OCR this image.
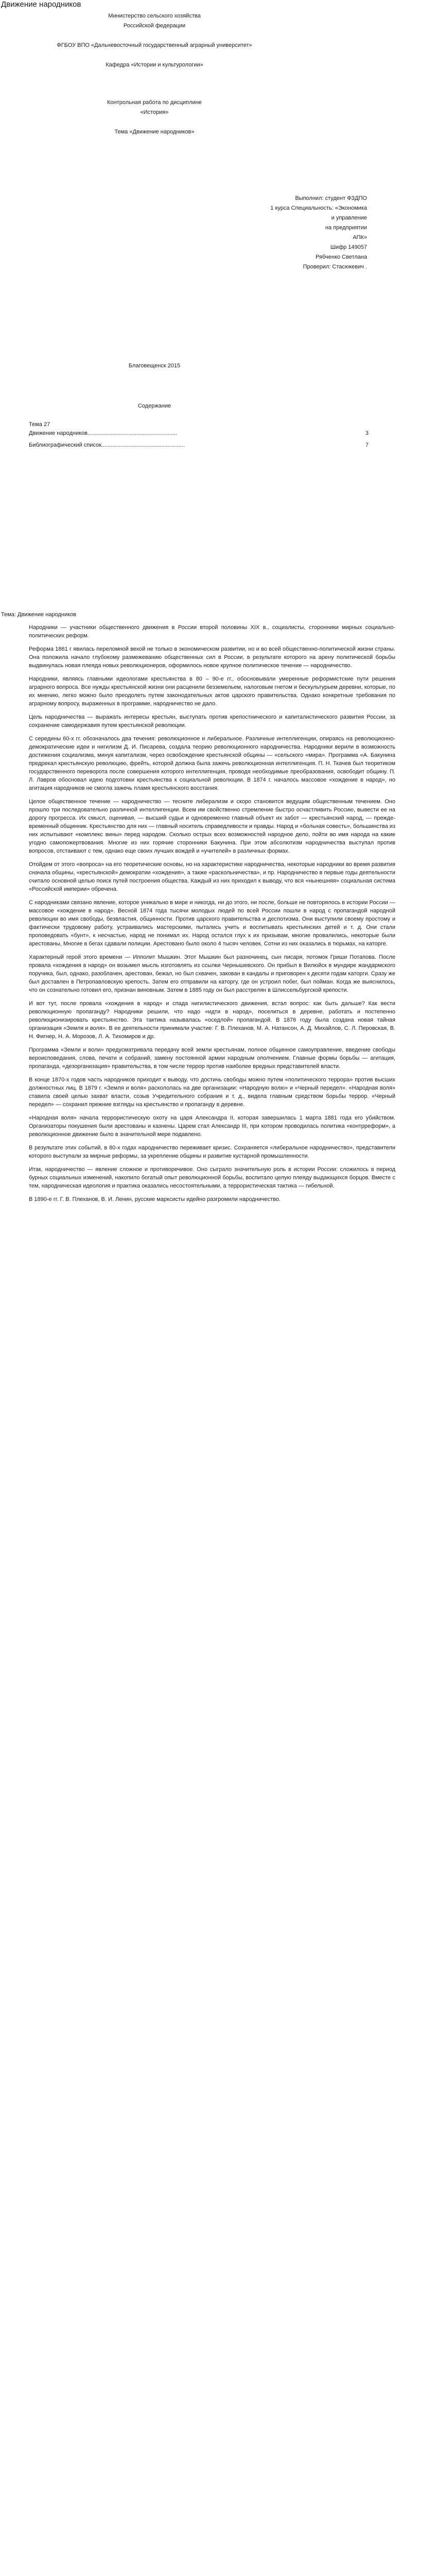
Движение народников
Министерство сельского хозяйства
Российской федерации
ФГБОУ ВПО «Дальневосточный государственный аграрный университет»
Кафедра «Истории и культурологии»
Контрольная работа по дисциплине
«История»
Тема «Движение народников»
Выполнил: студент ФЗДПО
1 курса Специальность: «Экономика
и управление
на предприятии
АПК»
Шифр 149057
Рябченко Светлана
Проверил: Стасюкевич .
Благовещенск 2015
Содержание
Тема 27
Движение народников.........................................................	3
Библиографический список.....................................................	7
Тема: Движение народников

Народники — участники общественного движения в России второй половины XIX в., социалисты, сторонники мирных социально-политических реформ.

Реформа 1861 г явилась переломной вехой не только в экономическом развитии, но и во всей общественно-политической жизни страны. Она положила начало глубокому размежеванию общественных сил в России, в результате которого на арену политической борьбы выдвинулась новая плеяда новых революционеров, оформилось новое крупное политическое течение — народничество.

Народники, являясь главными идеологами крестьянства в 80 – 90-е гг., обосновывали умеренные реформистские пути решения аграрного вопроса. Все нужды крестьянской жизни они расценили безземельем, налоговым гнетом и бескультурьем деревни, которые, по их мнению, легко можно было преодолеть путем законодательных актов царского правительства. Однако конкретные требования по аграрному вопросу, выраженных в программе, народничество не дало.

Цель народничества — выражать интересы крестьян, выступать против крепостнического и капиталистического развития России, за сохранение самодержавия путем крестьянской революции.

С середины 60-х гг. обозначалось два течения: революционное и либеральное. Различные интеллигенции, опираясь на революционно-демократические идеи и нигилизм Д. И. Писарева, создала теорию революционного народничества. Народники верили в возможность достижения социализма, минуя капитализм, через освобождение крестьянской общины — «сельского «мира». Программа «А. Бакунина предрекал крестьянскую революцию, фрейть, которой должна была зажечь революционная интеллигенция. П. Н. Ткачев был теоретиком государственного переворота после совершения которого интеллигенция, проводя необходимые преобразования, освободит общину. П. Л. Лавров обосновал идею подготовки крестьянства к социальной революции. В 1874 г. началось массовое «хождение в народ», но агитация народников не смогла зажечь пламя крестьянского восстания.

Целое общественное течение — народничество — тесните либерализм и скоро становится ведущим общественным течением. Оно прошло три последовательно различной интеллигенции. Всем им свойственно стремление быстро осчастливить Россию, вывести ее на дорогу прогресса. Их смысл, оценивая, — высший судьи и одновременно главный объект их забот — крестьянский народ, — прежде-временный общинник. Крестьянство для них — главный носитель справедливости и правды. Народ и «больная совесть», большинства из них испытывают «комплекс вины» перед народом. Сколько острых всех возможностей народное дело, пойти во имя народа на какие угодно самопожертвования. Многие из них горячие сторонники Бакунина. При этом абсолютизм народничества выступал против вопросов, отстаивают с тем, однако еще своих лучших вождей и «учителей» в различных формах.

Отойдем от этого «вопроса» на его теоретические основы, но на характеристике народничества, некоторые народники во время развития сначала общины, «крестьянской» демократии «хождения», а также «раскольничества», и пр. Народничество в первые годы деятельности считало основной целью поиск путей построения общества. Каждый из них приходил к выводу, что вся «нынешняя» социальная система «Российской империи» обречена.

С народниками связано явление, которое уникально в мире и никогда, ни до этого, ни после, больше не повторялось в истории России — массовое «хождение в народ». Весной 1874 года тысячи молодых людей по всей России пошли в народ с пропагандой народной революции во имя свободы, безвластия, общинности. Против царского правительства и деспотизма. Они выступили своему простому и фактически трудовому работу, устраивались мастерскими, пытались учить и воспитывать крестьянских детей и т. д. Они стали проповедовать «бунт», к несчастью, народ не понимал их. Народ остался глух к их призывам, многие провалились, некоторые были арестованы, Многие в бегах сдавали полиции. Арестовано было около 4 тысяч человек. Сотни из них оказались в тюрьмах, на каторге.

Характерный герой этого времени — Ипполит Мышкин. Этот Мышкин был разночинец, сын писаря, потомок Гриши Потапова. После провала «хождения в народ» он возымел мысль изготовлять из ссылки Чернышевского. Он прибыл в Вилюйск в мундире жандармского поручика, был, однако, разоблачен, арестован, бежал, но был схвачен, закован в кандалы и приговорен к десяти годам каторги. Сразу же был доставлен в Петропавловскую крепость. Затем его отправили на каторгу, где он устроил побег, был пойман. Когда же выяснилось, что он сознательно готовил его, признан виновным. Затем в 1885 году он был расстрелян в Шлиссельбургской крепости.

И вот тут, после провала «хождения в народ» и спада нигилистического движения, встал вопрос: как быть дальше? Как вести революционную пропаганду? Народники решили, что надо «идти в народ», поселиться в деревне, работать и постепенно революционизировать крестьянство. Эта тактика называлась «оседлой» пропагандой. В 1876 году была создана новая тайная организация «Земля и воля». В ее деятельности принимали участие: Г. В. Плеханов, М. А. Натансон, А. Д. Михайлов, С. Л. Перовская, В. Н. Фигнер, Н. А. Морозов, Л. А. Тихомиров и др.

Программа «Земли и воли» предусматривала передачу всей земли крестьянам, полное общинное самоуправление, введение свободы вероисповедания, слова, печати и собраний, замену постоянной армии народным ополчением. Главные формы борьбы — агитация, пропаганда, «дезорганизация» правительства, в том числе террор против наиболее вредных представителей власти.

В конце 1870-х годов часть народников приходит к выводу, что достичь свободы можно путем «политического террора» против высших должностных лиц. В 1879 г. «Земля и воля» раскололась на две организации: «Народную волю» и «Черный передел». «Народная воля» ставила своей целью захват власти, созыв Учредительного собрания и т. д., видела главным средством борьбы террор. «Черный передел» — сохранил прежние взгляды на крестьянство и пропаганду в деревне.

«Народная воля» начала террористическую охоту на царя Александра II, которая завершилась 1 марта 1881 года его убийством. Организаторы покушения были арестованы и казнены. Царем стал Александр III, при котором проводилась политика «контрреформ», а революционное движение было в значительной мере подавлено.

В результате этих событий, в 80-х годах народничество переживает кризис. Сохраняется «либеральное народничество», представители которого выступали за мирные реформы, за укрепление общины и развитие кустарной промышленности.

Итак, народничество — явление сложное и противоречивое. Оно сыграло значительную роль в истории России: сложилось в период бурных социальных изменений, накопило богатый опыт революционной борьбы, воспитало целую плеяду выдающихся борцов. Вместе с тем, народническая идеология и практика оказались несостоятельными, а террористическая тактика — гибельной.

В 1890-е гг. Г. В. Плеханов, В. И. Ленин, русские марксисты идейно разгромили народничество.
